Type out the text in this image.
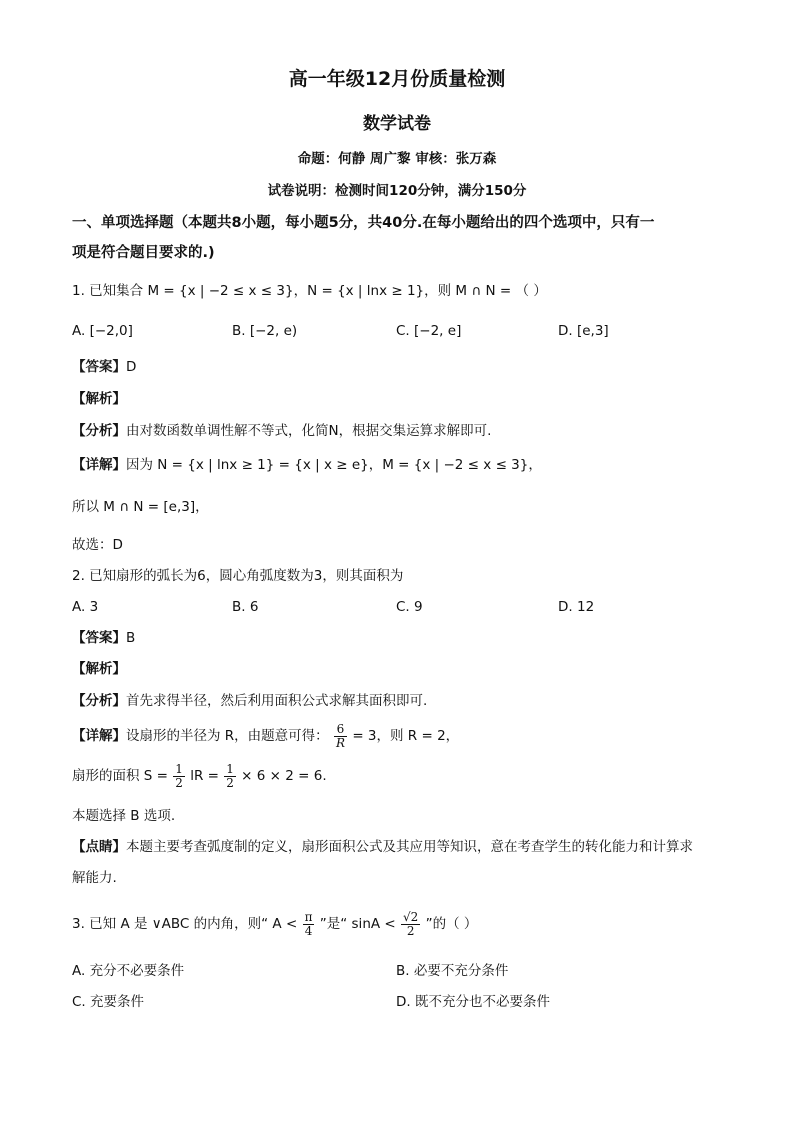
高一年级12月份质量检测
数学试卷
命题：何静 周广黎 审核：张万森
试卷说明：检测时间120分钟，满分150分
一、单项选择题（本题共8小题，每小题5分，共40分.在每小题给出的四个选项中，只有一
项是符合题目要求的.)
1. 已知集合 M = {x | −2 ≤ x ≤ 3}，N = {x | lnx ≥ 1}，则 M ∩ N = （ ）
A. [−2,0]	B. [−2, e)	C. [−2, e]	D. [e,3]
【答案】D
【解析】
【分析】由对数函数单调性解不等式，化简N，根据交集运算求解即可.
【详解】因为 N = {x | lnx ≥ 1} = {x | x ≥ e}，M = {x | −2 ≤ x ≤ 3}，
所以 M ∩ N = [e,3]，
故选：D
2. 已知扇形的弧长为6，圆心角弧度数为3，则其面积为
A. 3	B. 6	C. 9	D. 12
【答案】B
【解析】
【分析】首先求得半径，然后利用面积公式求解其面积即可.
【详解】设扇形的半径为 R，由题意可得： $\frac{6}{R} = 3$，则 R = 2，
扇形的面积 $S = \frac{1}{2}$ lR = $\frac{1}{2} \times 6 \times 2 = 6$.
本题选择 B 选项.
【点睛】本题主要考查弧度制的定义，扇形面积公式及其应用等知识，意在考查学生的转化能力和计算求
解能力.
3. 已知 A 是 ∨ABC 的内角，则“ $A < \frac{\pi}{4}$ ”是“ $\sin A < \frac{√2}{2}$ ”的（ ）
A. 充分不必要条件	B. 必要不充分条件
C. 充要条件	D. 既不充分也不必要条件
